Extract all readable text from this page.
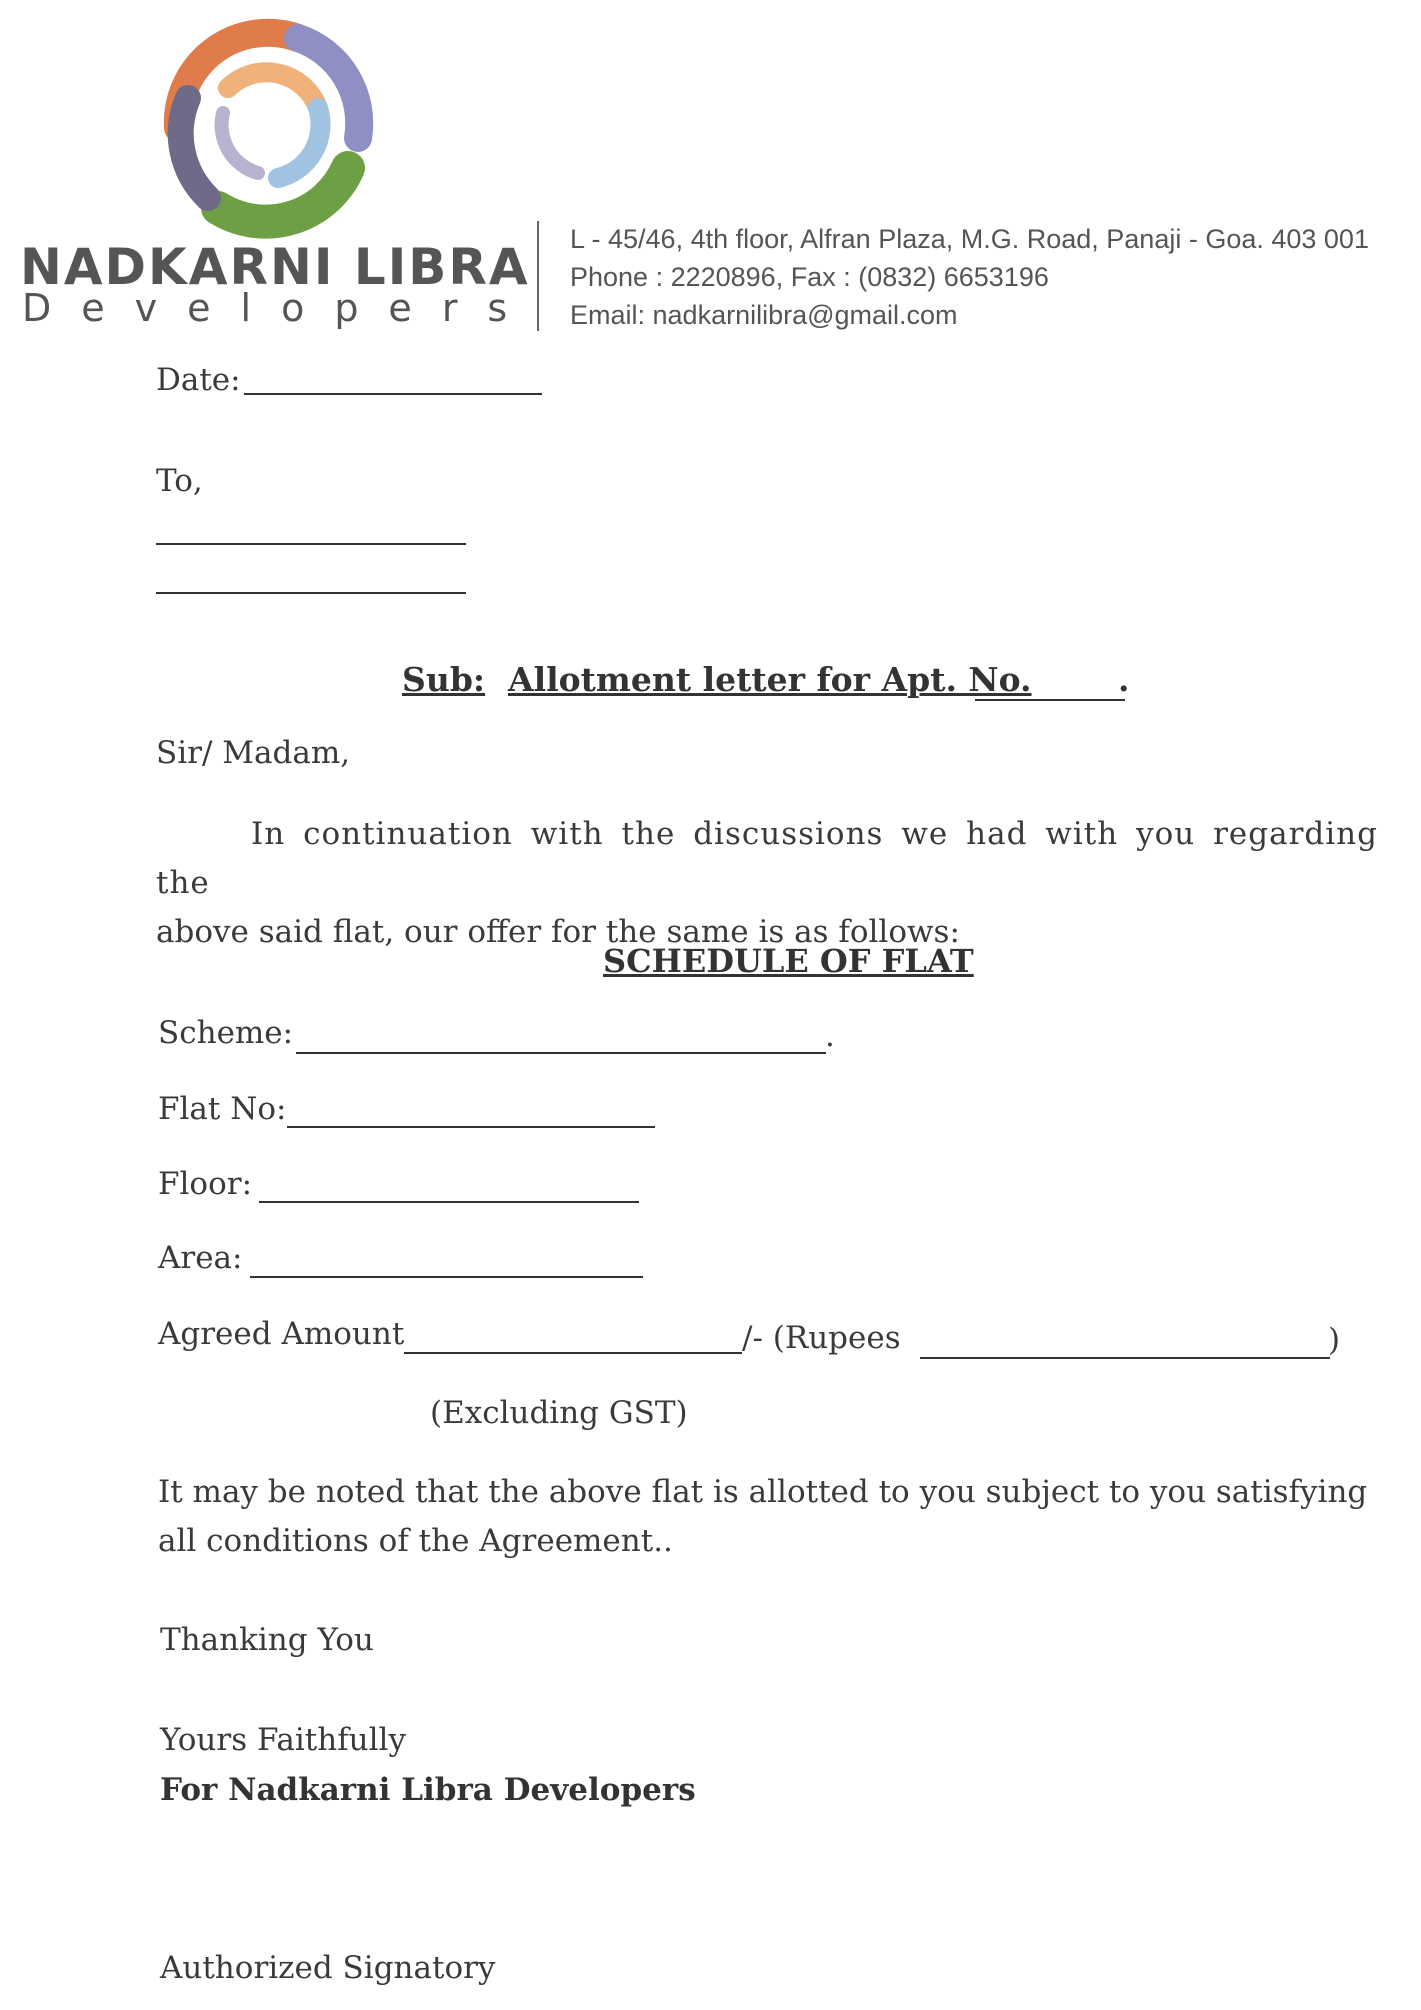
NADKARNI LIBRA
Developers
L - 45/46, 4th floor, Alfran Plaza, M.G. Road, Panaji - Goa. 403 001
Phone : 2220896, Fax : (0832) 6653196
Email: nadkarnilibra@gmail.com
Date:
To,
Sub: Allotment letter for Apt. No.	.
Sir/ Madam,
In continuation with the discussions we had with you regarding the
above said flat, our offer for the same is as follows:
SCHEDULE OF FLAT
Scheme:	.
Flat No:
Floor:
Area:
Agreed Amount	/- (Rupees	)
(Excluding GST)
It may be noted that the above flat is allotted to you subject to you satisfying
all conditions of the Agreement..
Thanking You
Yours Faithfully
For Nadkarni Libra Developers
Authorized Signatory
